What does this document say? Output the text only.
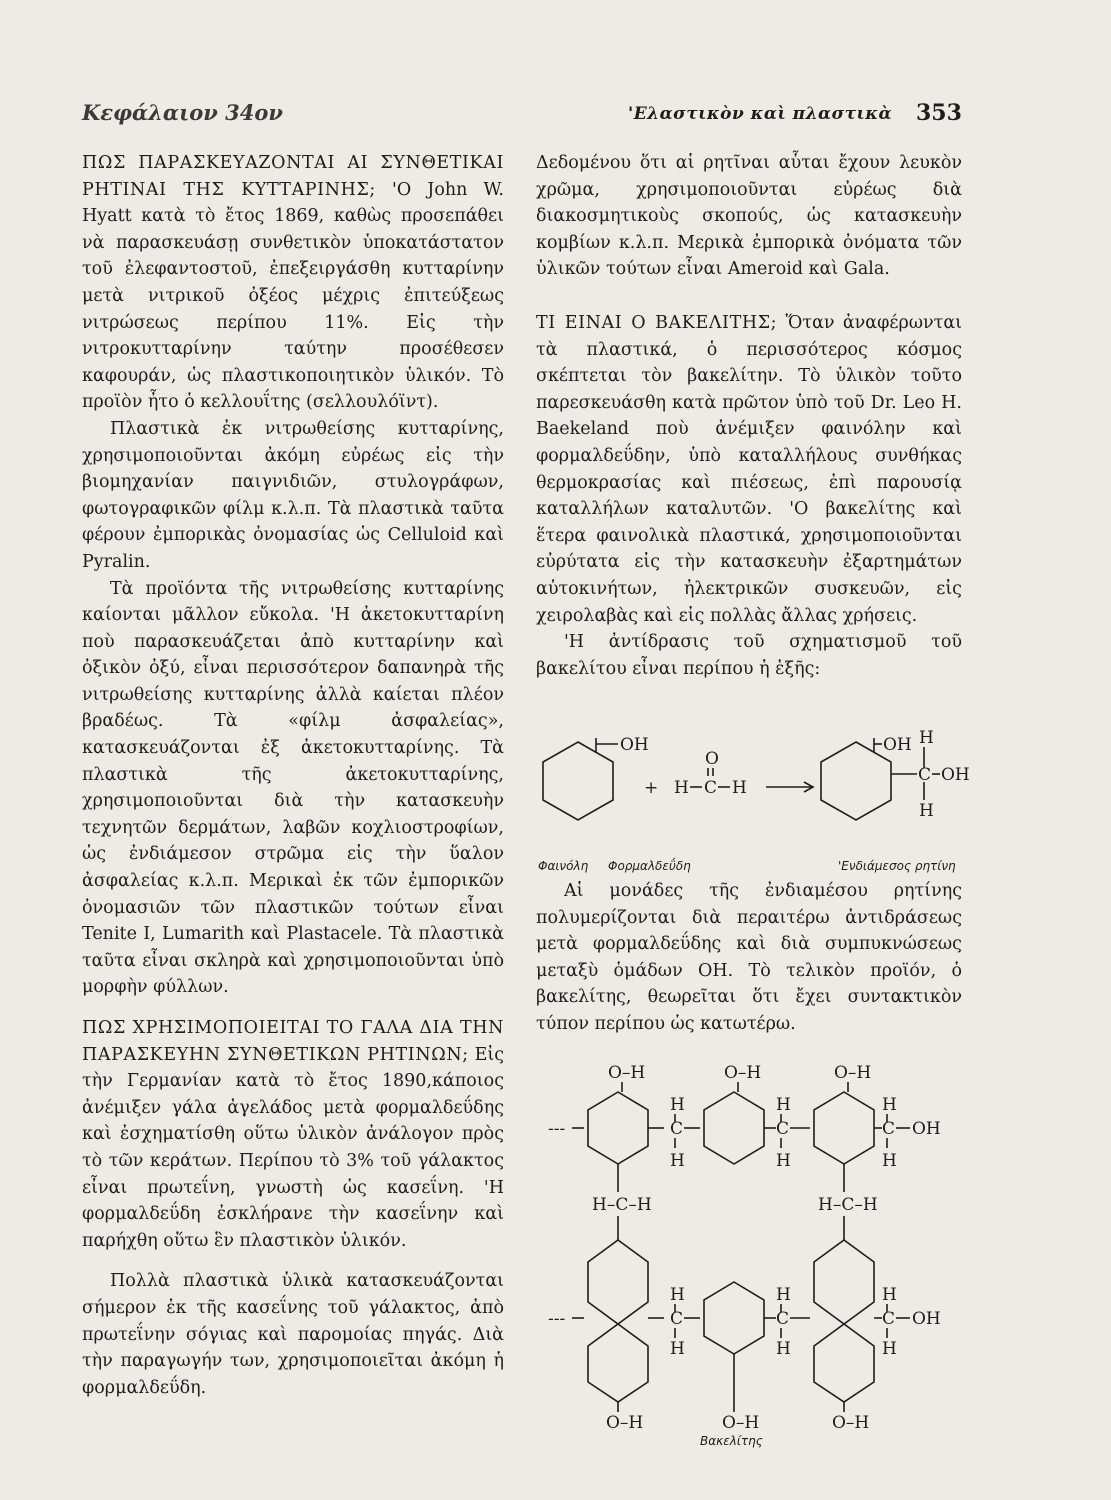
Κεφάλαιον 34ον	'Ελαστικὸν καὶ πλαστικὰ 353

ΠΩΣ ΠΑΡΑΣΚΕΥΑΖΟΝΤΑΙ ΑΙ ΣΥΝΘΕΤΙΚΑΙ ΡΗΤΙΝΑΙ ΤΗΣ ΚΥΤΤΑΡΙΝΗΣ; 'Ο John W. Hyatt κατὰ τὸ ἔτος 1869, καθὼς προσεπάθει νὰ παρασκευάσῃ συνθετικὸν ὑποκατάστατον τοῦ ἐλεφαντοστοῦ, ἐπεξειργάσθη κυτταρίνην μετὰ νιτρικοῦ ὀξέος μέχρις ἐπιτεύξεως νιτρώσεως περίπου 11%. Εἰς τὴν νιτροκυτταρίνην ταύτην προσέθεσεν καφουράν, ὡς πλαστικοποιητικὸν ὑλικόν. Τὸ προϊὸν ἦτο ὁ κελλουΐτης (σελλουλόϊντ).

Πλαστικὰ ἐκ νιτρωθείσης κυτταρίνης, χρησιμοποιοῦνται ἀκόμη εὐρέως εἰς τὴν βιομηχανίαν παιγνιδιῶν, στυλογράφων, φωτογραφικῶν φίλμ κ.λ.π. Τὰ πλαστικὰ ταῦτα φέρουν ἐμπορικὰς ὀνομασίας ὡς Celluloid καὶ Pyralin.

Τὰ προϊόντα τῆς νιτρωθείσης κυτταρίνης καίονται μᾶλλον εὔκολα. 'Η ἀκετοκυτταρίνη ποὺ παρασκευάζεται ἀπὸ κυτταρίνην καὶ ὀξικὸν ὀξύ, εἶναι περισσότερον δαπανηρὰ τῆς νιτρωθείσης κυτταρίνης ἀλλὰ καίεται πλέον βραδέως. Τὰ «φίλμ ἀσφαλείας», κατασκευάζονται ἐξ ἀκετοκυτταρίνης. Τὰ πλαστικὰ τῆς ἀκετοκυτταρίνης, χρησιμοποιοῦνται διὰ τὴν κατασκευὴν τεχνητῶν δερμάτων, λαβῶν κοχλιοστροφίων, ὡς ἐνδιάμεσον στρῶμα εἰς τὴν ὕαλον ἀσφαλείας κ.λ.π. Μερικαὶ ἐκ τῶν ἐμπορικῶν ὀνομασιῶν τῶν πλαστικῶν τούτων εἶναι Tenite I, Lumarith καὶ Plastacele. Τὰ πλαστικὰ ταῦτα εἶναι σκληρὰ καὶ χρησιμοποιοῦνται ὑπὸ μορφὴν φύλλων.

ΠΩΣ ΧΡΗΣΙΜΟΠΟΙΕΙΤΑΙ ΤΟ ΓΑΛΑ ΔΙΑ ΤΗΝ ΠΑΡΑΣΚΕΥΗΝ ΣΥΝΘΕΤΙΚΩΝ ΡΗΤΙΝΩΝ; Εἰς τὴν Γερμανίαν κατὰ τὸ ἔτος 1890,κάποιος ἀνέμιξεν γάλα ἀγελάδος μετὰ φορμαλδεΰδης καὶ ἐσχηματίσθη οὕτω ὑλικὸν ἀνάλογον πρὸς τὸ τῶν κεράτων. Περίπου τὸ 3% τοῦ γάλακτος εἶναι πρωτεΐνη, γνωστὴ ὡς κασεΐνη. 'Η φορμαλδεΰδη ἐσκλήρανε τὴν κασεΐνην καὶ παρήχθη οὕτω ἓν πλαστικὸν ὑλικόν.

Πολλὰ πλαστικὰ ὑλικὰ κατασκευάζονται σήμερον ἐκ τῆς κασεΐνης τοῦ γάλακτος, ἀπὸ πρωτεΐνην σόγιας καὶ παρομοίας πηγάς. Διὰ τὴν παραγωγήν των, χρησιμοποιεῖται ἀκόμη ἡ φορμαλδεΰδη.

Δεδομένου ὅτι αἱ ρητῖναι αὗται ἔχουν λευκὸν χρῶμα, χρησιμοποιοῦνται εὐρέως διὰ διακοσμητικοὺς σκοπούς, ὡς κατασκευὴν κομβίων κ.λ.π. Μερικὰ ἐμπορικὰ ὀνόματα τῶν ὑλικῶν τούτων εἶναι Ameroid καὶ Gala.

ΤΙ ΕΙΝΑΙ Ο ΒΑΚΕΛΙΤΗΣ; Ὅταν ἀναφέρωνται τὰ πλαστικά, ὁ περισσότερος κόσμος σκέπτεται τὸν βακελίτην. Τὸ ὑλικὸν τοῦτο παρεσκευάσθη κατὰ πρῶτον ὑπὸ τοῦ Dr. Leo H. Baekeland ποὺ ἀνέμιξεν φαινόλην καὶ φορμαλδεΰδην, ὑπὸ καταλλήλους συνθήκας θερμοκρασίας καὶ πιέσεως, ἐπὶ παρουσίᾳ καταλλήλων καταλυτῶν. 'Ο βακελίτης καὶ ἕτερα φαινολικὰ πλαστικά, χρησιμοποιοῦνται εὐρύτατα εἰς τὴν κατασκευὴν ἐξαρτημάτων αὐτοκινήτων, ἠλεκτρικῶν συσκευῶν, εἰς χειρολαβὰς καὶ εἰς πολλὰς ἄλλας χρήσεις.

'Η ἀντίδρασις τοῦ σχηματισμοῦ τοῦ βακελίτου εἶναι περίπου ἡ ἑξῆς:

OH
+ H C H
O
OH H
C OH
H
Φαινόλη Φορμαλδεΰδη	'Ενδιάμεσος ρητίνη

Αἱ μονάδες τῆς ἐνδιαμέσου ρητίνης πολυμερίζονται διὰ περαιτέρω ἀντιδράσεως μετὰ φορμαλδεΰδης καὶ διὰ συμπυκνώσεως μεταξὺ ὁμάδων ΟΗ. Τὸ τελικὸν προϊόν, ὁ βακελίτης, θεωρεῖται ὅτι ἔχει συντακτικὸν τύπον περίπου ὡς κατωτέρω.

---
O–H
H
C
H
O–H
H
C
H
O–H
H
C
H
OH
H–C–H	H–C–H
---
O–H
H
C
H
O–H
H
C
H
O–H
H
C
H
OH
Βακελίτης
